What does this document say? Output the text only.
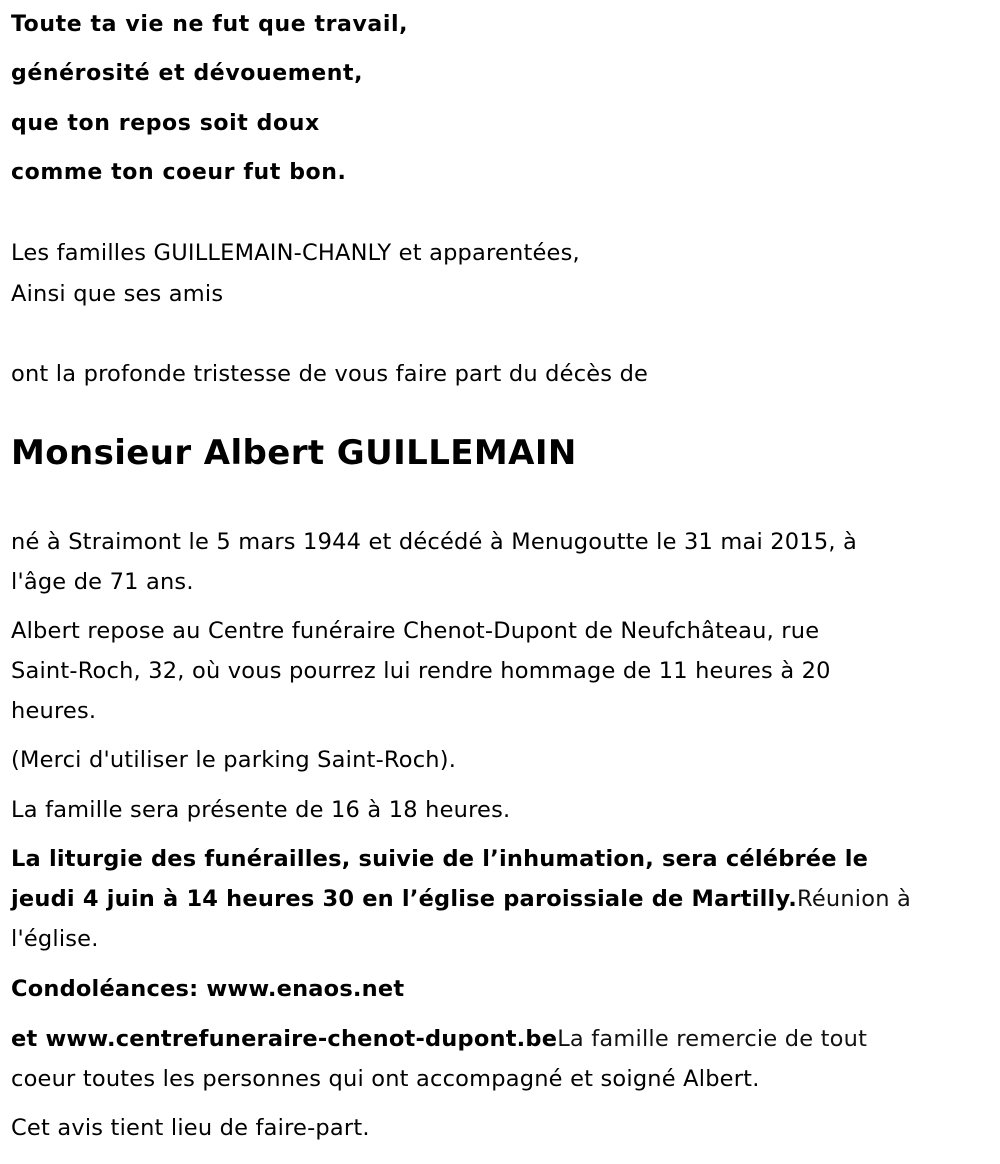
Toute ta vie ne fut que travail,
générosité et dévouement,
que ton repos soit doux
comme ton coeur fut bon.
Les familles GUILLEMAIN-CHANLY et apparentées,
Ainsi que ses amis
ont la profonde tristesse de vous faire part du décès de
Monsieur Albert GUILLEMAIN
né à Straimont le 5 mars 1944 et décédé à Menugoutte le 31 mai 2015, à
l'âge de 71 ans.
Albert repose au Centre funéraire Chenot-Dupont de Neufchâteau, rue
Saint-Roch, 32, où vous pourrez lui rendre hommage de 11 heures à 20
heures.
(Merci d'utiliser le parking Saint-Roch).
La famille sera présente de 16 à 18 heures.
La liturgie des funérailles, suivie de l’inhumation, sera célébrée le
jeudi 4 juin à 14 heures 30 en l’église paroissiale de Martilly.Réunion à
l'église.
Condoléances: www.enaos.net
et www.centrefuneraire-chenot-dupont.beLa famille remercie de tout
coeur toutes les personnes qui ont accompagné et soigné Albert.
Cet avis tient lieu de faire-part.
